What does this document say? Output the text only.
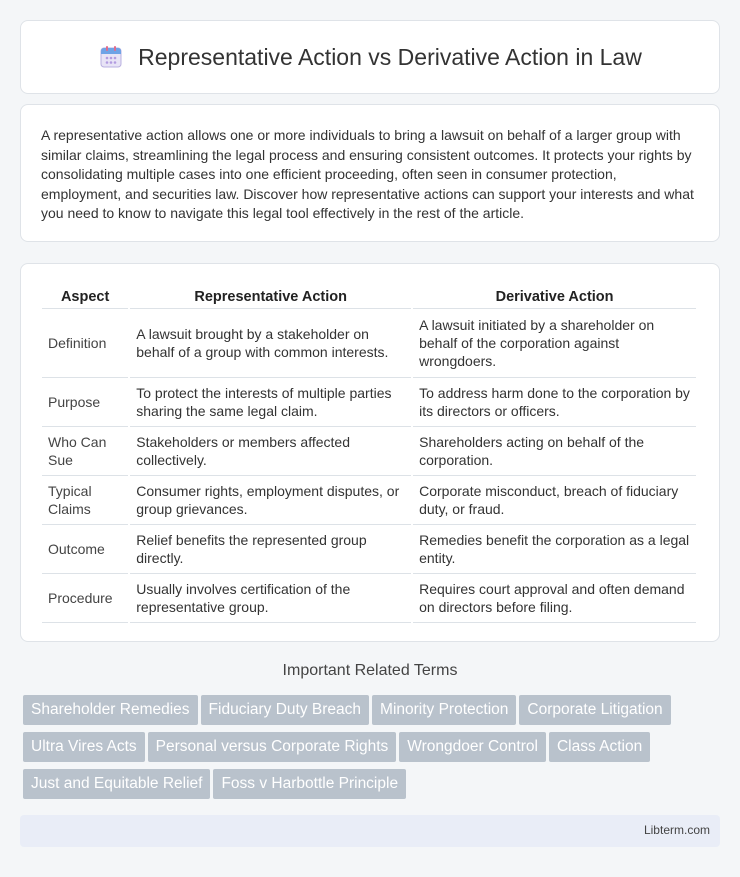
Representative Action vs Derivative Action in Law

A representative action allows one or more individuals to bring a lawsuit on behalf of a larger group with similar claims, streamlining the legal process and ensuring consistent outcomes. It protects your rights by consolidating multiple cases into one efficient proceeding, often seen in consumer protection, employment, and securities law. Discover how representative actions can support your interests and what you need to know to navigate this legal tool effectively in the rest of the article.

Aspect	Representative Action	Derivative Action
Definition	A lawsuit brought by a stakeholder on behalf of a group with common interests.	A lawsuit initiated by a shareholder on behalf of the corporation against wrongdoers.
Purpose	To protect the interests of multiple parties sharing the same legal claim.	To address harm done to the corporation by its directors or officers.
Who Can Sue	Stakeholders or members affected collectively.	Shareholders acting on behalf of the corporation.
Typical Claims	Consumer rights, employment disputes, or group grievances.	Corporate misconduct, breach of fiduciary duty, or fraud.
Outcome	Relief benefits the represented group directly.	Remedies benefit the corporation as a legal entity.
Procedure	Usually involves certification of the representative group.	Requires court approval and often demand on directors before filing.
Important Related Terms
Shareholder Remedies Fiduciary Duty Breach Minority Protection Corporate Litigation
Ultra Vires Acts Personal versus Corporate Rights Wrongdoer Control Class Action
Just and Equitable Relief Foss v Harbottle Principle
Libterm.com
